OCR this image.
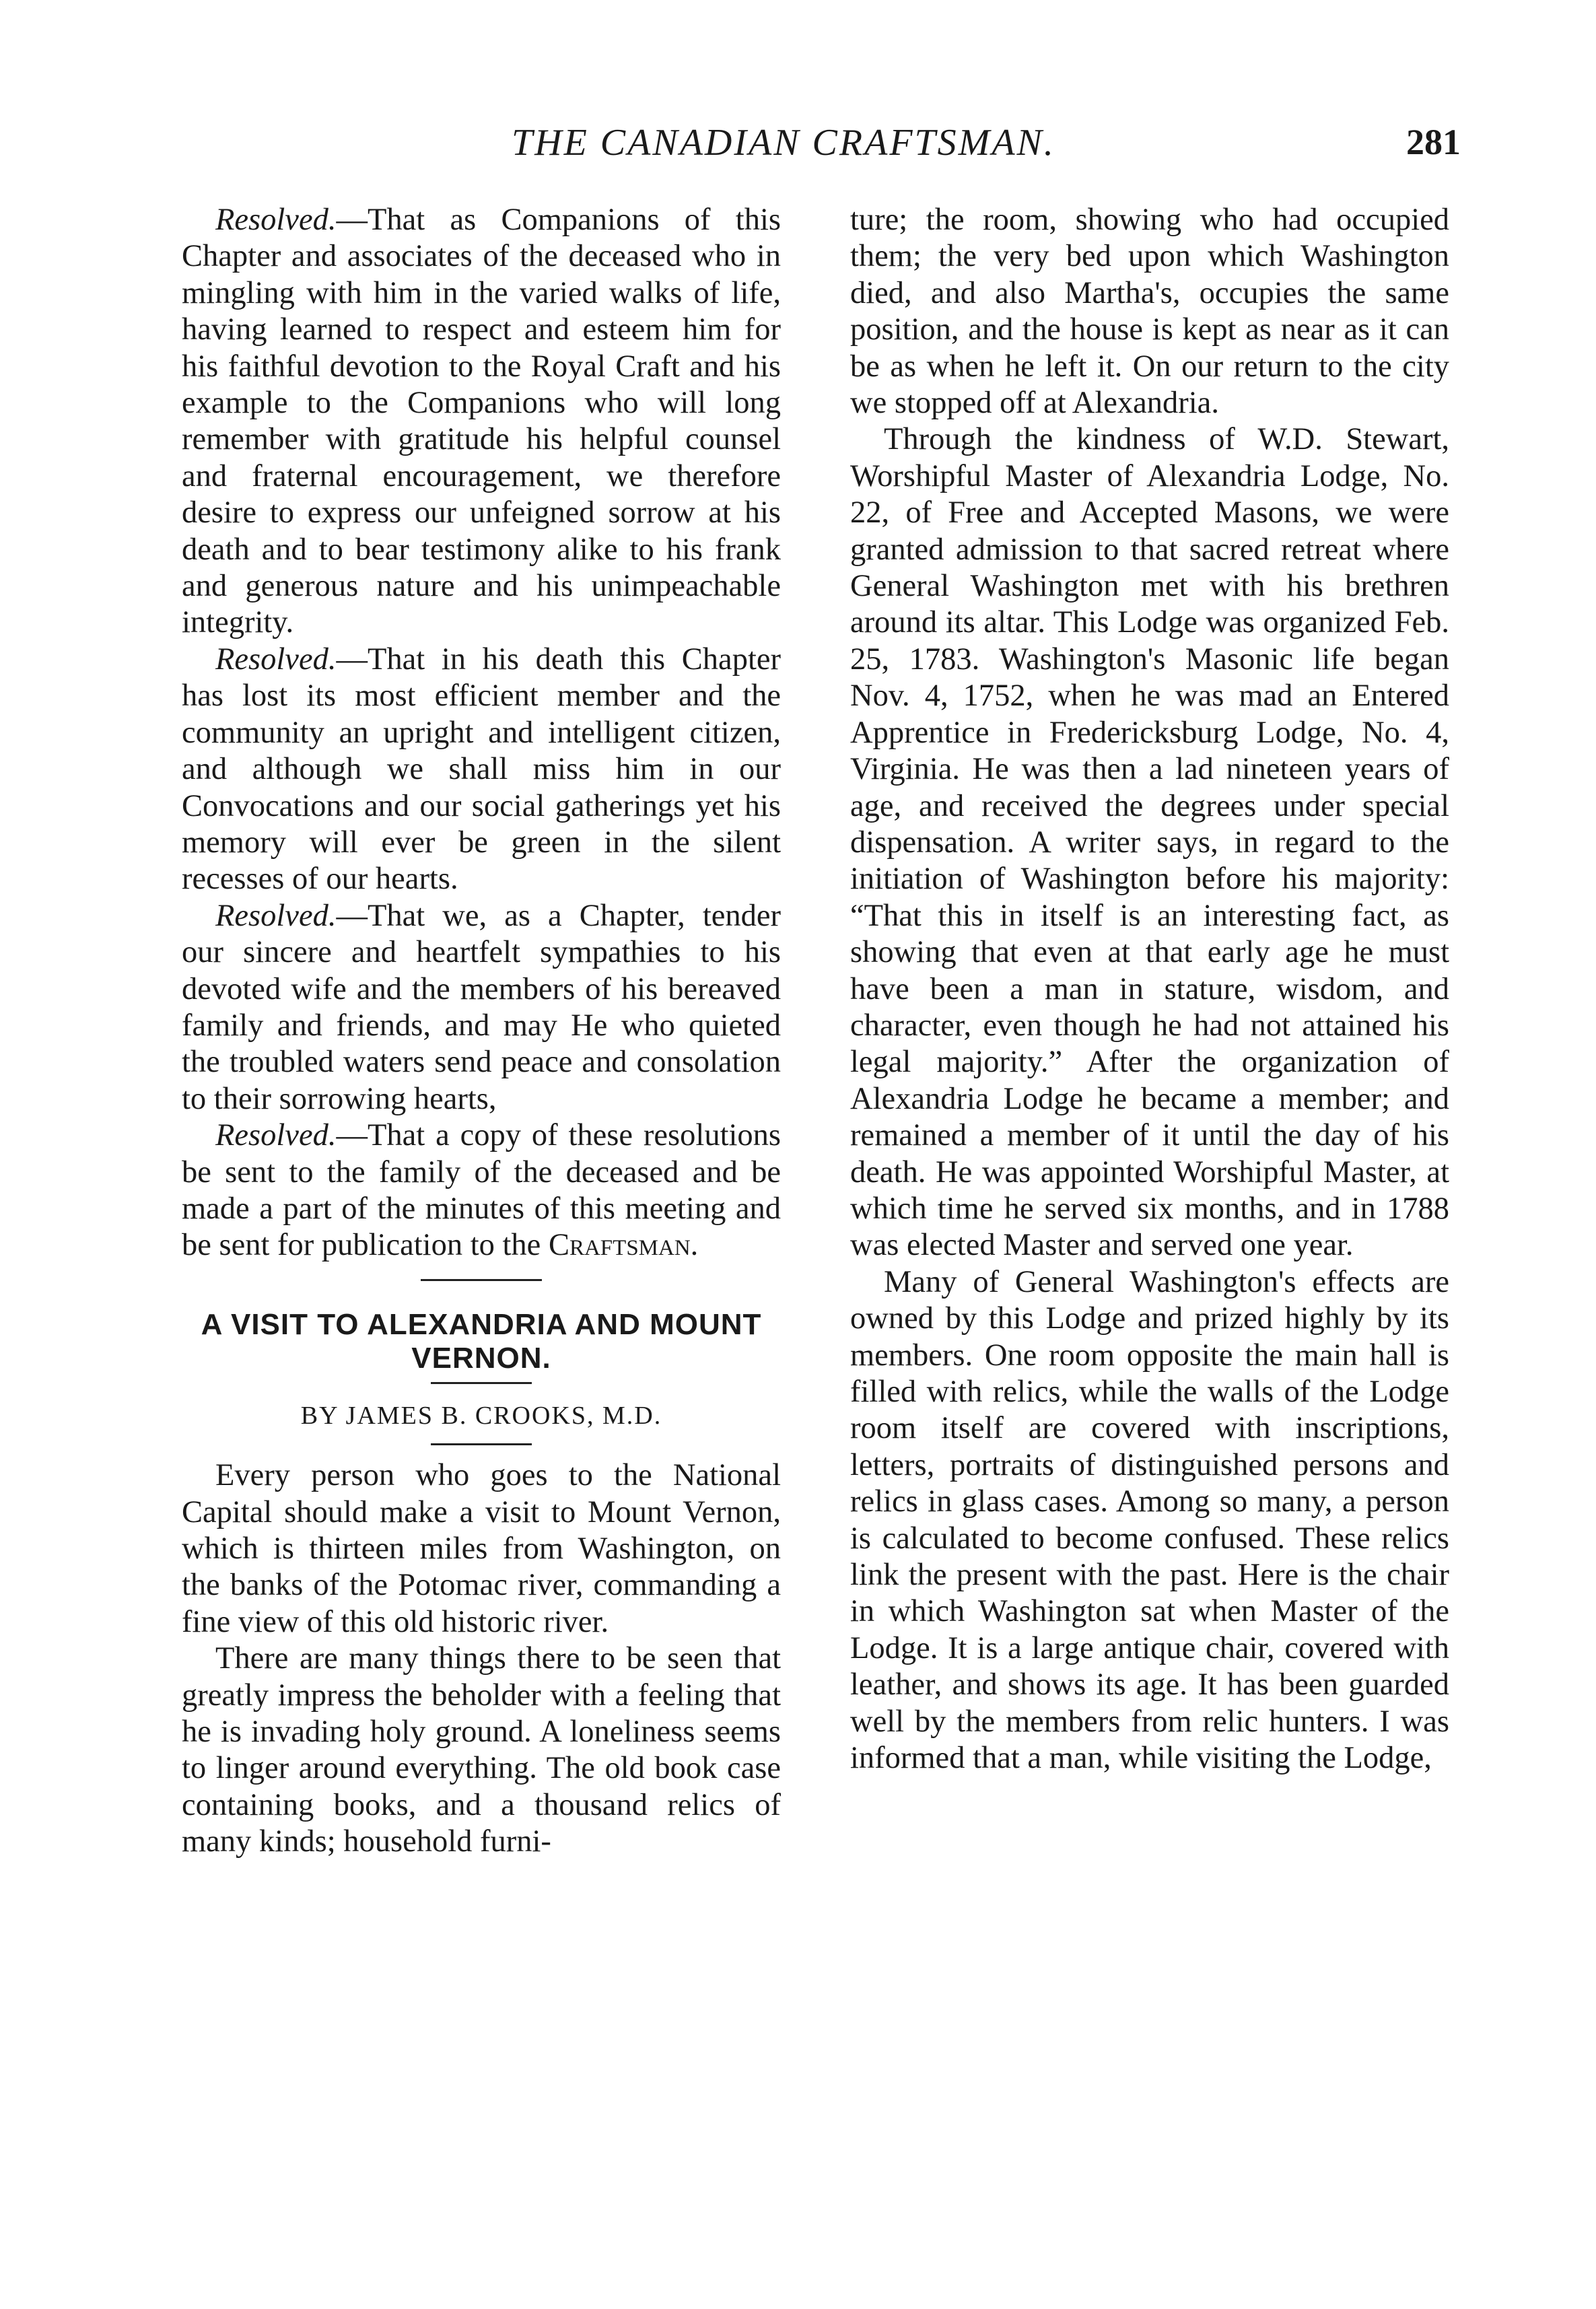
THE CANADIAN CRAFTSMAN.	281

Resolved.—That as Companions of this Chapter and associates of the deceased who in mingling with him in the varied walks of life, having learned to respect and esteem him for his faithful devotion to the Royal Craft and his example to the Companions who will long remember with gratitude his helpful counsel and fraternal encouragement, we therefore desire to express our unfeigned sorrow at his death and to bear testimony alike to his frank and generous nature and his unimpeachable integrity.

Resolved.—That in his death this Chapter has lost its most efficient member and the community an upright and intelligent citizen, and although we shall miss him in our Convocations and our social gatherings yet his memory will ever be green in the silent recesses of our hearts.

Resolved.—That we, as a Chapter, tender our sincere and heartfelt sympathies to his devoted wife and the members of his bereaved family and friends, and may He who quieted the troubled waters send peace and consolation to their sorrowing hearts,

Resolved.—That a copy of these resolutions be sent to the family of the deceased and be made a part of the minutes of this meeting and be sent for publication to the Craftsman.

A VISIT TO ALEXANDRIA AND MOUNT VERNON.
BY JAMES B. CROOKS, M.D.

Every person who goes to the National Capital should make a visit to Mount Vernon, which is thirteen miles from Washington, on the banks of the Potomac river, commanding a fine view of this old historic river.

There are many things there to be seen that greatly impress the beholder with a feeling that he is invading holy ground. A loneliness seems to linger around everything. The old book case containing books, and a thousand relics of many kinds; household furni-

ture; the room, showing who had occupied them; the very bed upon which Washington died, and also Martha's, occupies the same position, and the house is kept as near as it can be as when he left it. On our return to the city we stopped off at Alexandria.

Through the kindness of W.D. Stewart, Worshipful Master of Alexandria Lodge, No. 22, of Free and Accepted Masons, we were granted admission to that sacred retreat where General Washington met with his brethren around its altar. This Lodge was organized Feb. 25, 1783. Washington's Masonic life began Nov. 4, 1752, when he was mad an Entered Apprentice in Fredericksburg Lodge, No. 4, Virginia. He was then a lad nineteen years of age, and received the degrees under special dispensation. A writer says, in regard to the initiation of Washington before his majority: “That this in itself is an interesting fact, as showing that even at that early age he must have been a man in stature, wisdom, and character, even though he had not attained his legal majority.” After the organization of Alexandria Lodge he became a member; and remained a member of it until the day of his death. He was appointed Worshipful Master, at which time he served six months, and in 1788 was elected Master and served one year.

Many of General Washington's effects are owned by this Lodge and prized highly by its members. One room opposite the main hall is filled with relics, while the walls of the Lodge room itself are covered with inscriptions, letters, portraits of distinguished persons and relics in glass cases. Among so many, a person is calculated to become confused. These relics link the present with the past. Here is the chair in which Washington sat when Master of the Lodge. It is a large antique chair, covered with leather, and shows its age. It has been guarded well by the members from relic hunters. I was informed that a man, while visiting the Lodge,
